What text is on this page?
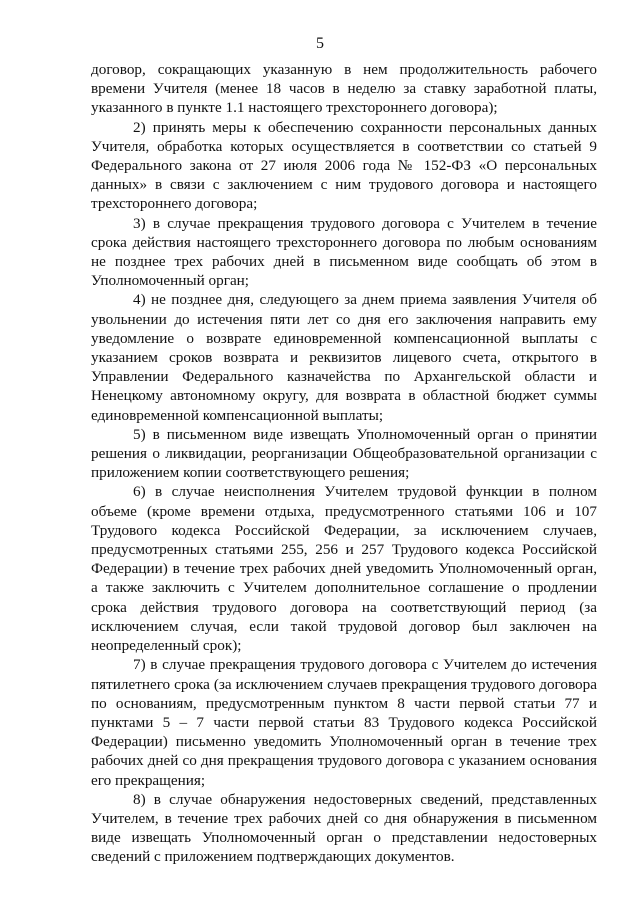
5

договор, сокращающих указанную в нем продолжительность рабочего времени Учителя (менее 18 часов в неделю за ставку заработной платы, указанного в пункте 1.1 настоящего трехстороннего договора);

2) принять меры к обеспечению сохранности персональных данных Учителя, обработка которых осуществляется в соответствии со статьей 9 Федерального закона от 27 июля 2006 года № 152-ФЗ «О персональных данных» в связи с заключением с ним трудового договора и настоящего трехстороннего договора;

3) в случае прекращения трудового договора с Учителем в течение срока действия настоящего трехстороннего договора по любым основаниям не позднее трех рабочих дней в письменном виде сообщать об этом в Уполномоченный орган;

4) не позднее дня, следующего за днем приема заявления Учителя об увольнении до истечения пяти лет со дня его заключения направить ему уведомление о возврате единовременной компенсационной выплаты с указанием сроков возврата и реквизитов лицевого счета, открытого в Управлении Федерального казначейства по Архангельской области и Ненецкому автономному округу, для возврата в областной бюджет суммы единовременной компенсационной выплаты;

5) в письменном виде извещать Уполномоченный орган о принятии решения о ликвидации, реорганизации Общеобразовательной организации с приложением копии соответствующего решения;

6) в случае неисполнения Учителем трудовой функции в полном объеме (кроме времени отдыха, предусмотренного статьями 106 и 107 Трудового кодекса Российской Федерации, за исключением случаев, предусмотренных статьями 255, 256 и 257 Трудового кодекса Российской Федерации) в течение трех рабочих дней уведомить Уполномоченный орган, а также заключить с Учителем дополнительное соглашение о продлении срока действия трудового договора на соответствующий период (за исключением случая, если такой трудовой договор был заключен на неопределенный срок);

7) в случае прекращения трудового договора с Учителем до истечения пятилетнего срока (за исключением случаев прекращения трудового договора по основаниям, предусмотренным пунктом 8 части первой статьи 77 и пунктами 5 – 7 части первой статьи 83 Трудового кодекса Российской Федерации) письменно уведомить Уполномоченный орган в течение трех рабочих дней со дня прекращения трудового договора с указанием основания его прекращения;

8) в случае обнаружения недостоверных сведений, представленных Учителем, в течение трех рабочих дней со дня обнаружения в письменном виде извещать Уполномоченный орган о представлении недостоверных сведений с приложением подтверждающих документов.
